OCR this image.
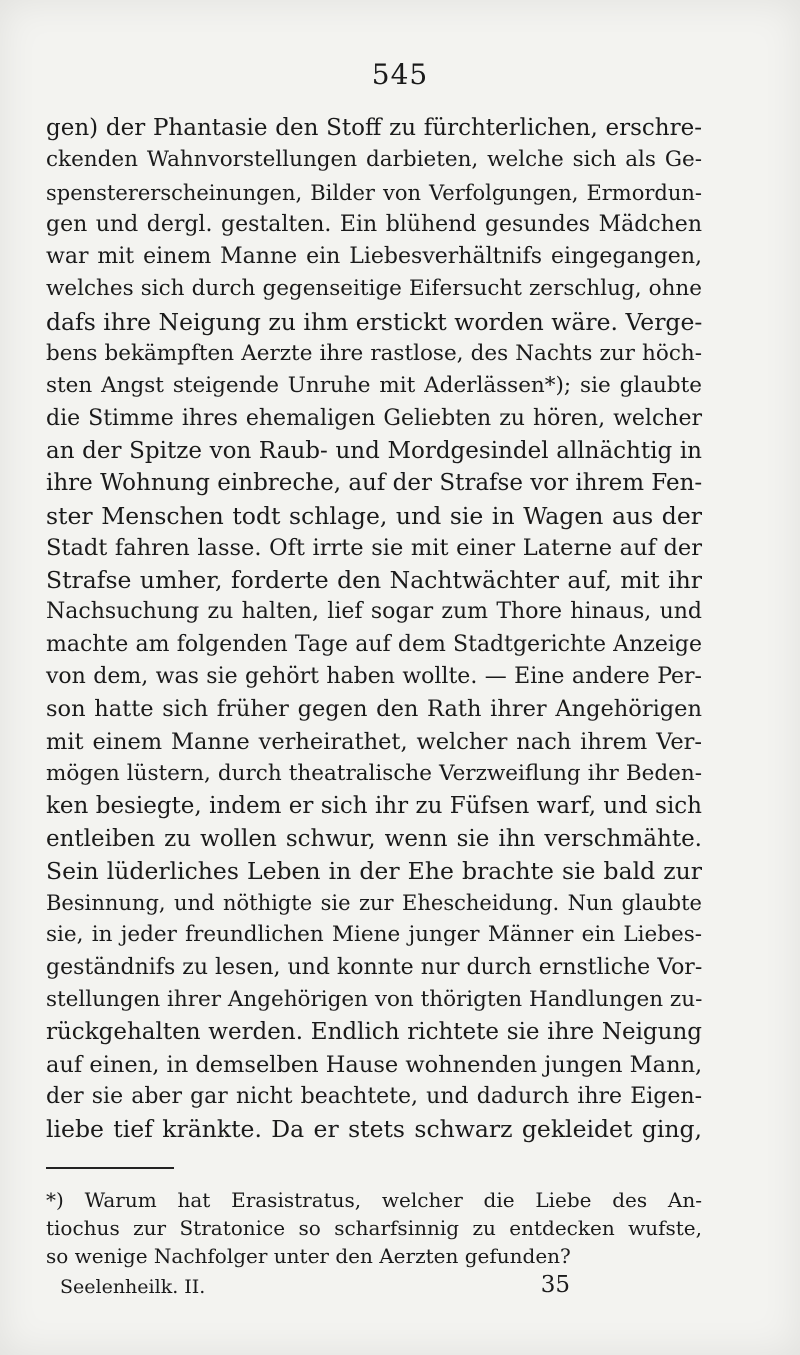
545
gen) der Phantasie den Stoff zu fürchterlichen, erschre-
ckenden Wahnvorstellungen darbieten, welche sich als Ge-
spenstererscheinungen, Bilder von Verfolgungen, Ermordun-
gen und dergl. gestalten. Ein blühend gesundes Mädchen
war mit einem Manne ein Liebesverhältnifs eingegangen,
welches sich durch gegenseitige Eifersucht zerschlug, ohne
dafs ihre Neigung zu ihm erstickt worden wäre. Verge-
bens bekämpften Aerzte ihre rastlose, des Nachts zur höch-
sten Angst steigende Unruhe mit Aderlässen*); sie glaubte
die Stimme ihres ehemaligen Geliebten zu hören, welcher
an der Spitze von Raub- und Mordgesindel allnächtig in
ihre Wohnung einbreche, auf der Strafse vor ihrem Fen-
ster Menschen todt schlage, und sie in Wagen aus der
Stadt fahren lasse. Oft irrte sie mit einer Laterne auf der
Strafse umher, forderte den Nachtwächter auf, mit ihr
Nachsuchung zu halten, lief sogar zum Thore hinaus, und
machte am folgenden Tage auf dem Stadtgerichte Anzeige
von dem, was sie gehört haben wollte. — Eine andere Per-
son hatte sich früher gegen den Rath ihrer Angehörigen
mit einem Manne verheirathet, welcher nach ihrem Ver-
mögen lüstern, durch theatralische Verzweiflung ihr Beden-
ken besiegte, indem er sich ihr zu Füfsen warf, und sich
entleiben zu wollen schwur, wenn sie ihn verschmähte.
Sein lüderliches Leben in der Ehe brachte sie bald zur
Besinnung, und nöthigte sie zur Ehescheidung. Nun glaubte
sie, in jeder freundlichen Miene junger Männer ein Liebes-
geständnifs zu lesen, und konnte nur durch ernstliche Vor-
stellungen ihrer Angehörigen von thörigten Handlungen zu-
rückgehalten werden. Endlich richtete sie ihre Neigung
auf einen, in demselben Hause wohnenden jungen Mann,
der sie aber gar nicht beachtete, und dadurch ihre Eigen-
liebe tief kränkte. Da er stets schwarz gekleidet ging,
*) Warum hat Erasistratus, welcher die Liebe des An-
tiochus zur Stratonice so scharfsinnig zu entdecken wufste,
so wenige Nachfolger unter den Aerzten gefunden?
Seelenheilk. II.	35
